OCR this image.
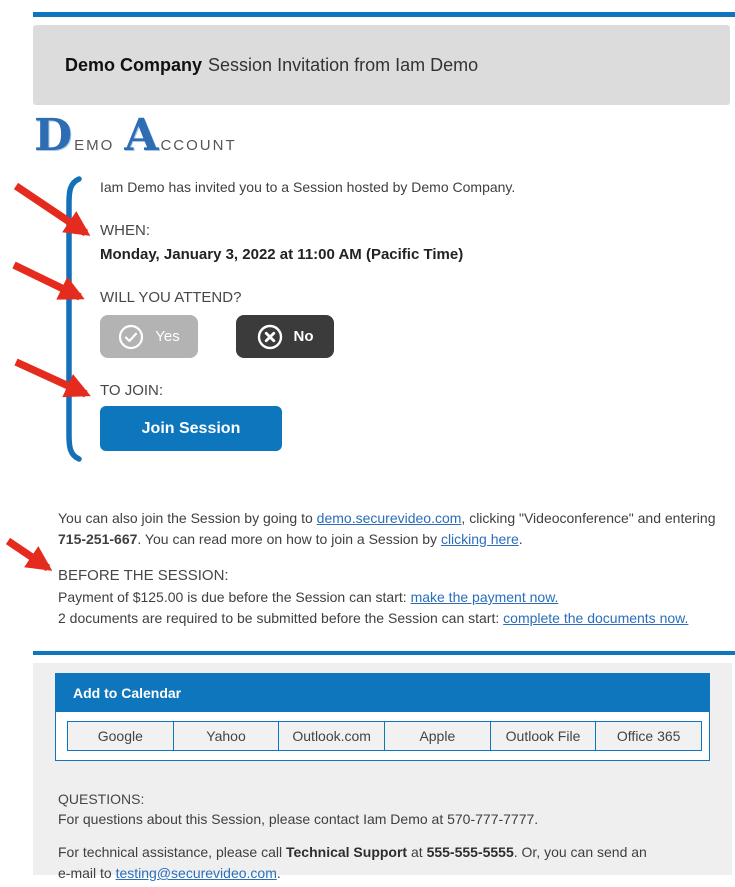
Demo Company Session Invitation from Iam Demo
D EMO A CCOUNT

Iam Demo has invited you to a Session hosted by Demo Company.

WHEN:
Monday, January 3, 2022 at 11:00 AM (Pacific Time)
WILL YOU ATTEND?
Yes	No
TO JOIN:
Join Session

You can also join the Session by going to demo.securevideo.com, clicking "Videoconference" and entering 715-251-667. You can read more on how to join a Session by clicking here.

BEFORE THE SESSION:
Payment of $125.00 is due before the Session can start: make the payment now.
2 documents are required to be submitted before the Session can start: complete the documents now.
Add to Calendar
Google	Yahoo	Outlook.com	Apple	Outlook File	Office 365
QUESTIONS:
For questions about this Session, please contact Iam Demo at 570-777-7777.
For technical assistance, please call Technical Support at 555-555-5555. Or, you can send an e-mail to testing@securevideo.com.
